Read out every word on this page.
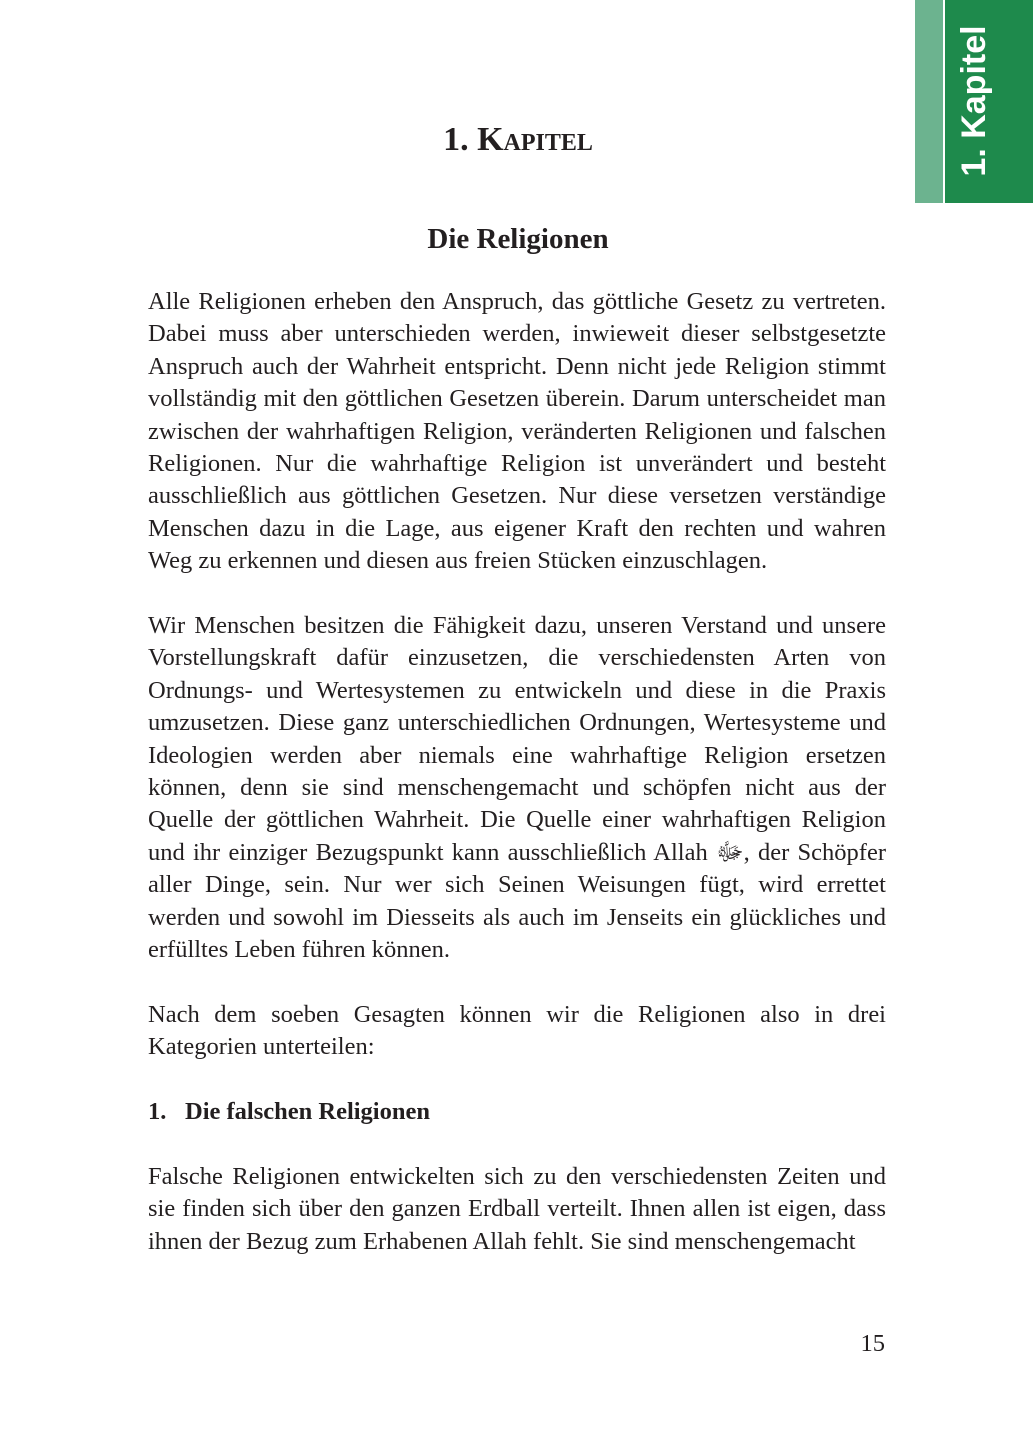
1. Kapitel
1. Kapitel
Die Religionen

Alle Religionen erheben den Anspruch, das göttliche Gesetz zu vertreten. Dabei muss aber unterschieden werden, inwieweit dieser selbstgesetzte Anspruch auch der Wahrheit entspricht. Denn nicht jede Religion stimmt vollständig mit den göttlichen Gesetzen überein. Darum unterscheidet man zwischen der wahrhaftigen Religion, veränderten Religionen und falschen Religionen. Nur die wahrhaftige Religion ist unverändert und besteht ausschließlich aus göttlichen Gesetzen. Nur diese versetzen verständige Menschen dazu in die Lage, aus eigener Kraft den rechten und wahren Weg zu erkennen und diesen aus freien Stücken einzuschlagen.

Wir Menschen besitzen die Fähigkeit dazu, unseren Verstand und unsere Vorstellungskraft dafür einzusetzen, die verschiedensten Arten von Ordnungs- und Wertesystemen zu entwickeln und diese in die Praxis umzusetzen. Diese ganz unterschiedlichen Ordnungen, Wertesysteme und Ideologien werden aber niemals eine wahrhaftige Religion ersetzen können, denn sie sind menschengemacht und schöpfen nicht aus der Quelle der göttlichen Wahrheit. Die Quelle einer wahrhaftigen Religion und ihr einziger Bezugspunkt kann ausschließlich Allah ﷻ, der Schöpfer aller Dinge, sein. Nur wer sich Seinen Weisungen fügt, wird errettet werden und sowohl im Diesseits als auch im Jenseits ein glückliches und erfülltes Leben führen können.

Nach dem soeben Gesagten können wir die Religionen also in drei Kategorien unterteilen:

1. Die falschen Religionen

Falsche Religionen entwickelten sich zu den verschiedensten Zeiten und sie finden sich über den ganzen Erdball verteilt. Ihnen allen ist eigen, dass ihnen der Bezug zum Erhabenen Allah fehlt. Sie sind menschengemacht

15
